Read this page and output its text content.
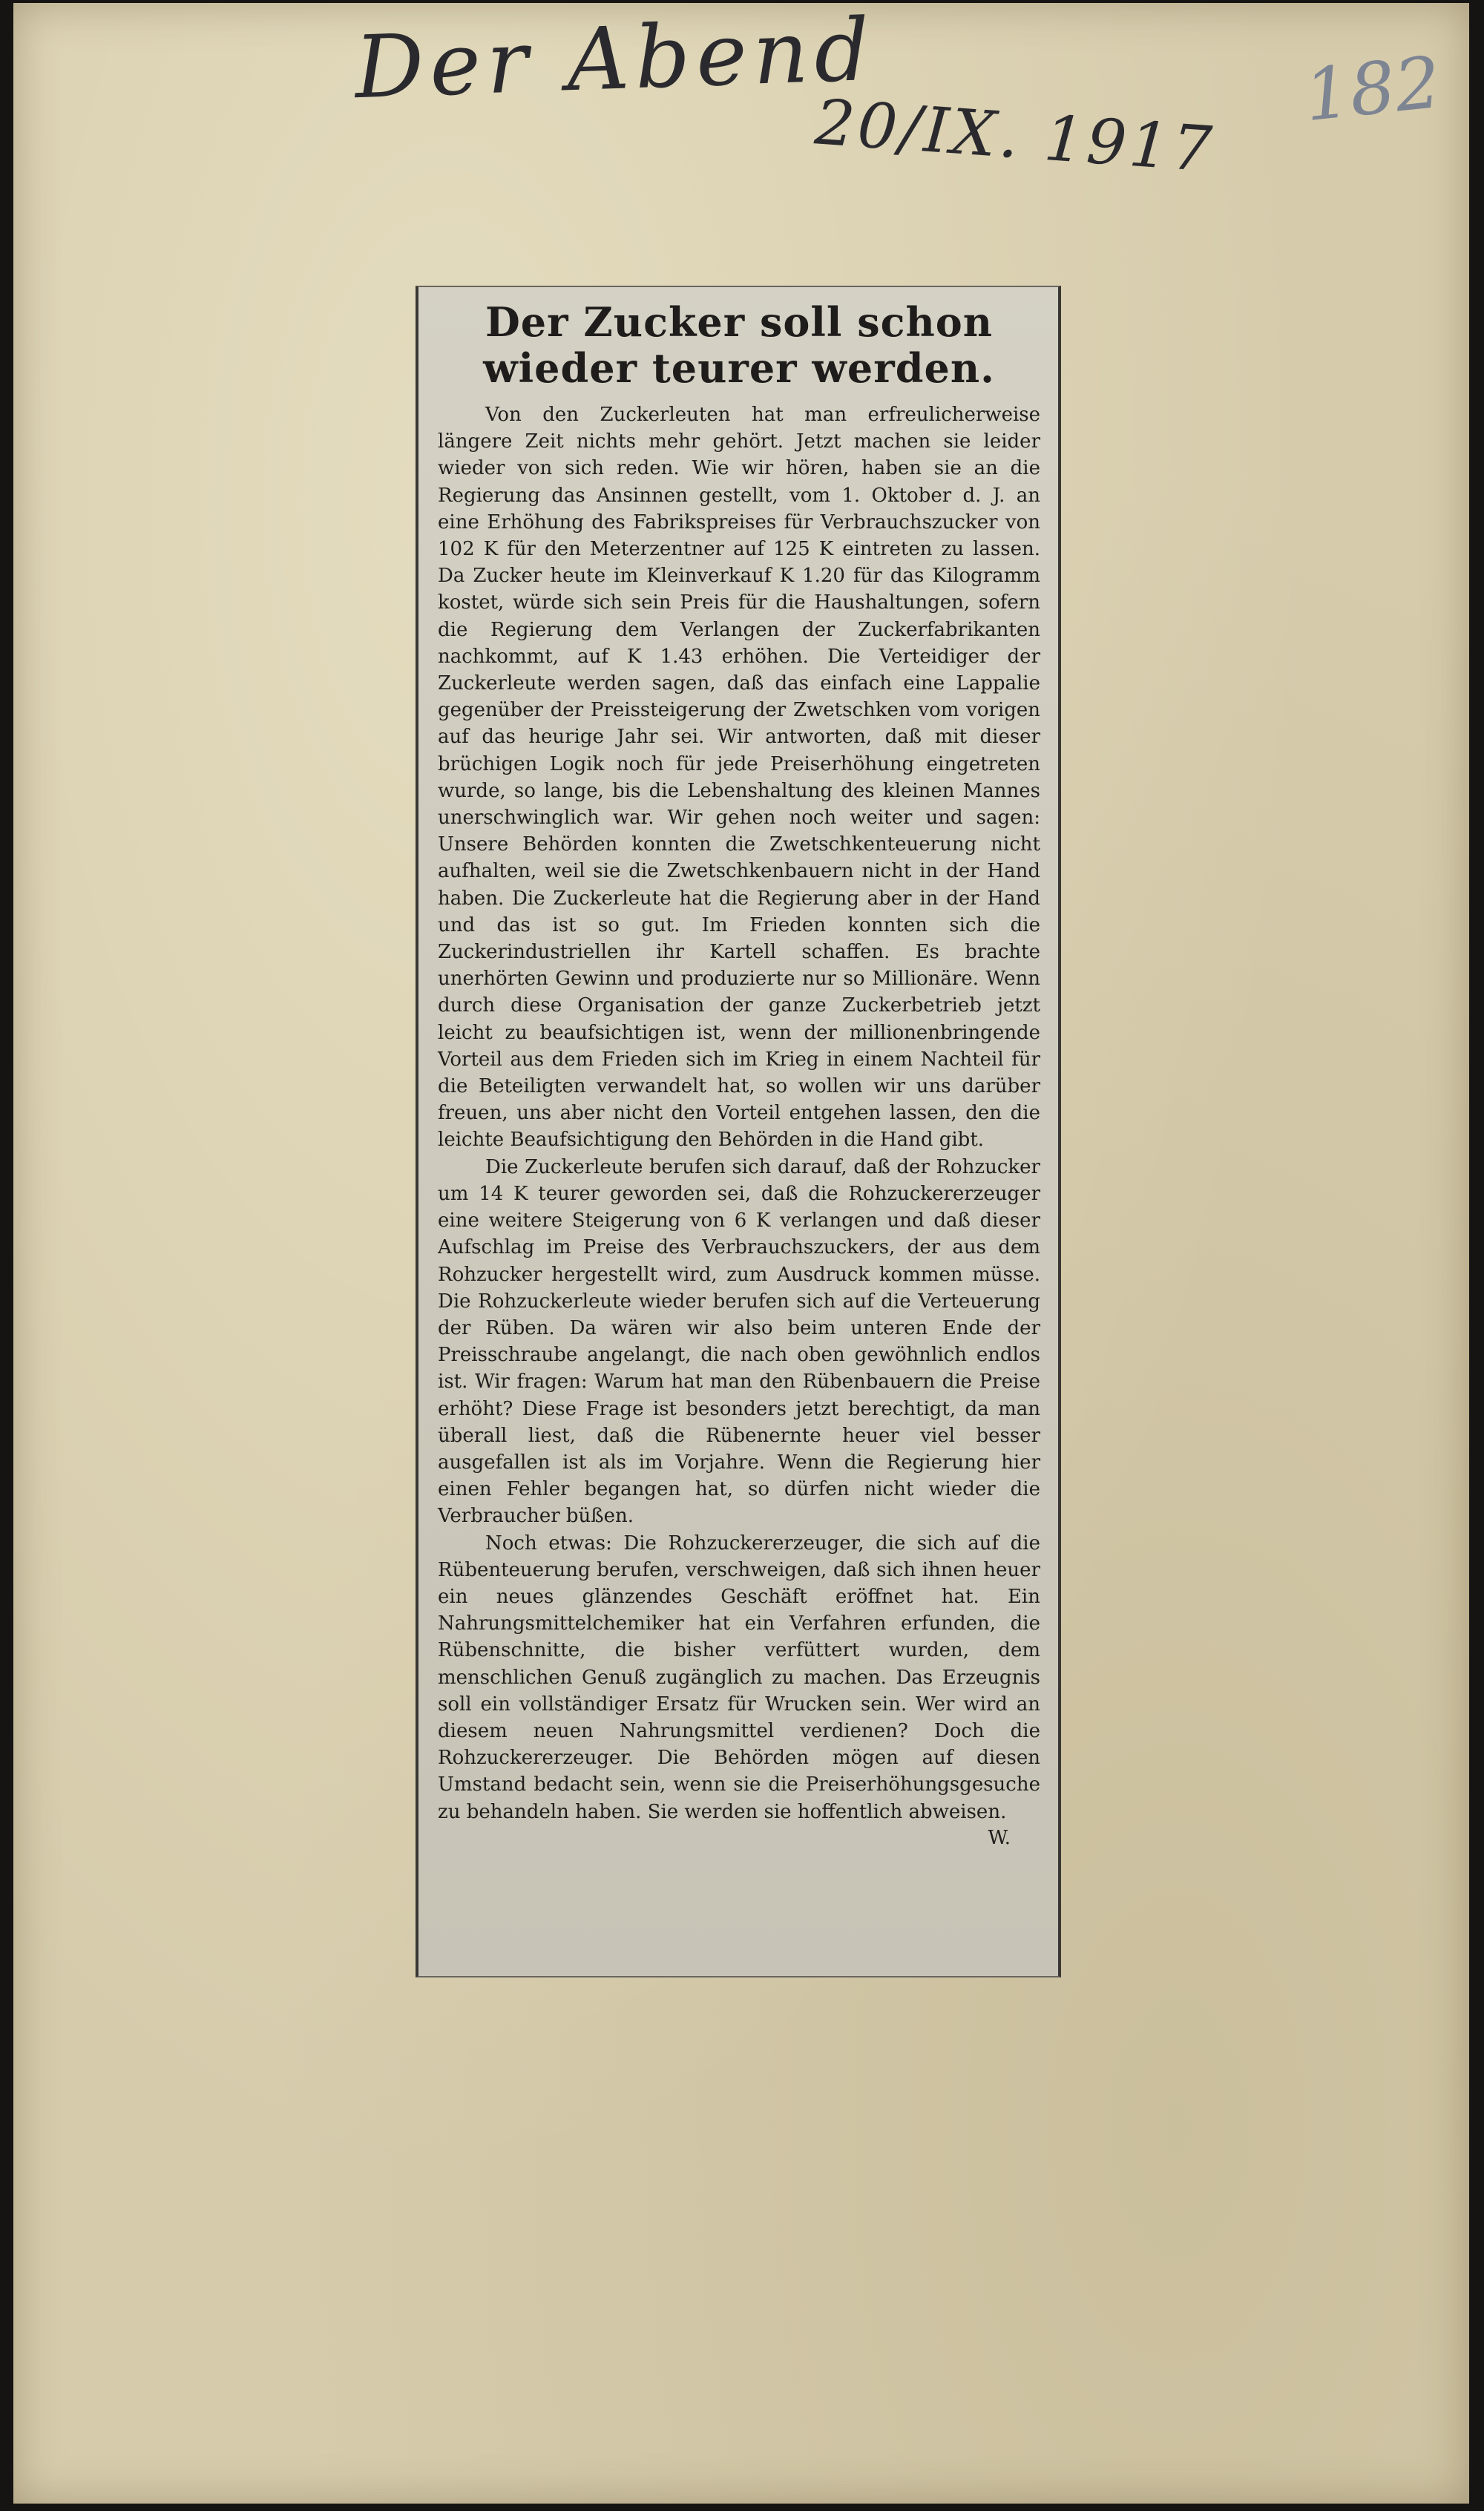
Der Abend
20/IX. 1917 182
Der Zucker soll schon wieder teurer werden.

Von den Zuckerleuten hat man erfreulicherweise längere Zeit nichts mehr gehört. Jetzt machen sie leider wieder von sich reden. Wie wir hören, haben sie an die Regierung das Ansinnen gestellt, vom 1. Oktober d. J. an eine Erhöhung des Fabrikspreises für Verbrauchszucker von 102 K für den Meterzentner auf 125 K eintreten zu lassen. Da Zucker heute im Kleinverkauf K 1.20 für das Kilogramm kostet, würde sich sein Preis für die Haushaltungen, sofern die Regierung dem Verlangen der Zuckerfabrikanten nachkommt, auf K 1.43 erhöhen. Die Verteidiger der Zuckerleute werden sagen, daß das einfach eine Lappalie gegenüber der Preissteigerung der Zwetschken vom vorigen auf das heurige Jahr sei. Wir antworten, daß mit dieser brüchigen Logik noch für jede Preiserhöhung eingetreten wurde, so lange, bis die Lebenshaltung des kleinen Mannes unerschwinglich war. Wir gehen noch weiter und sagen: Unsere Behörden konnten die Zwetschkenteuerung nicht aufhalten, weil sie die Zwetschkenbauern nicht in der Hand haben. Die Zuckerleute hat die Regierung aber in der Hand und das ist so gut. Im Frieden konnten sich die Zuckerindustriellen ihr Kartell schaffen. Es brachte unerhörten Gewinn und produzierte nur so Millionäre. Wenn durch diese Organisation der ganze Zuckerbetrieb jetzt leicht zu beaufsichtigen ist, wenn der millionenbringende Vorteil aus dem Frieden sich im Krieg in einem Nachteil für die Beteiligten verwandelt hat, so wollen wir uns darüber freuen, uns aber nicht den Vorteil entgehen lassen, den die leichte Beaufsichtigung den Behörden in die Hand gibt.

Die Zuckerleute berufen sich darauf, daß der Rohzucker um 14 K teurer geworden sei, daß die Rohzuckererzeuger eine weitere Steigerung von 6 K verlangen und daß dieser Aufschlag im Preise des Verbrauchszuckers, der aus dem Rohzucker hergestellt wird, zum Ausdruck kommen müsse. Die Rohzuckerleute wieder berufen sich auf die Verteuerung der Rüben. Da wären wir also beim unteren Ende der Preisschraube angelangt, die nach oben gewöhnlich endlos ist. Wir fragen: Warum hat man den Rübenbauern die Preise erhöht? Diese Frage ist besonders jetzt berechtigt, da man überall liest, daß die Rübenernte heuer viel besser ausgefallen ist als im Vorjahre. Wenn die Regierung hier einen Fehler begangen hat, so dürfen nicht wieder die Verbraucher büßen.

Noch etwas: Die Rohzuckererzeuger, die sich auf die Rübenteuerung berufen, verschweigen, daß sich ihnen heuer ein neues glänzendes Geschäft eröffnet hat. Ein Nahrungsmittelchemiker hat ein Verfahren erfunden, die Rübenschnitte, die bisher verfüttert wurden, dem menschlichen Genuß zugänglich zu machen. Das Erzeugnis soll ein vollständiger Ersatz für Wrucken sein. Wer wird an diesem neuen Nahrungsmittel verdienen? Doch die Rohzuckererzeuger. Die Behörden mögen auf diesen Umstand bedacht sein, wenn sie die Preiserhöhungsgesuche zu behandeln haben. Sie werden sie hoffentlich abweisen.

W.
